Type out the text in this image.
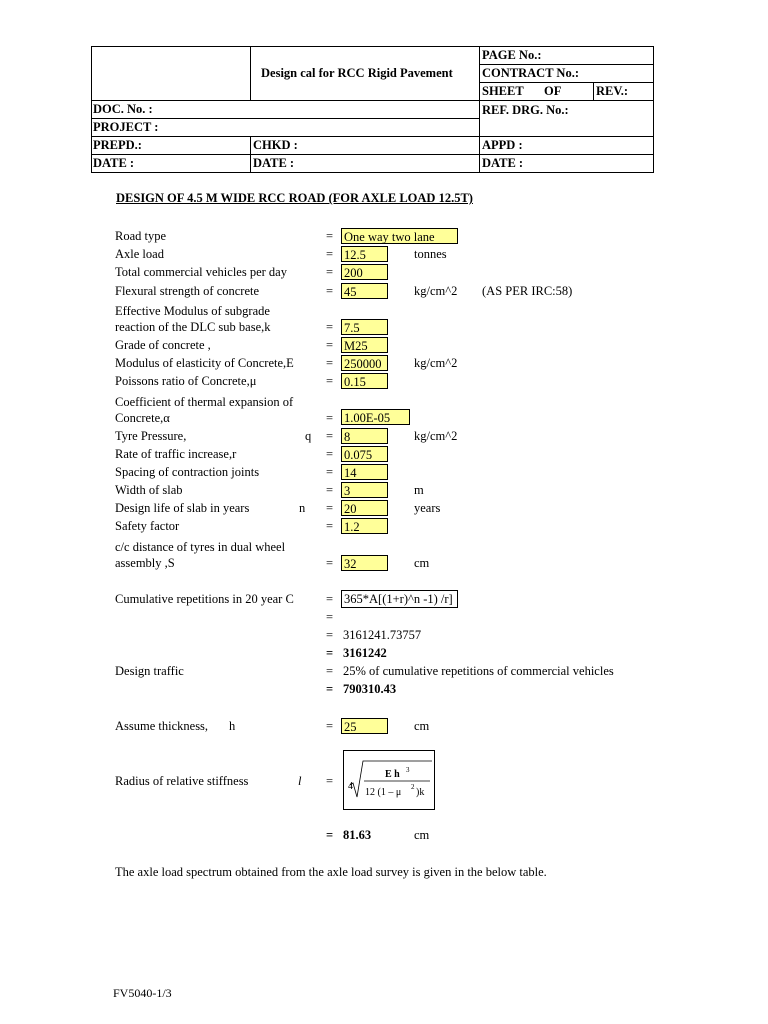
Design cal for RCC Rigid Pavement
PAGE No.:
CONTRACT No.:
SHEET OF	REV.:
DOC. No. :	REF. DRG. No.:
PROJECT :
PREPD.:	CHKD :	APPD :
DATE :	DATE :	DATE :
DESIGN OF 4.5 M WIDE RCC ROAD (FOR AXLE LOAD 12.5T)
Road type	= One way two lane
Axle load	= 12.5	tonnes
Total commercial vehicles per day	= 200
Flexural strength of concrete	= 45	kg/cm^2 (AS PER IRC:58)
Effective Modulus of subgrade
reaction of the DLC sub base,k	= 7.5
Grade of concrete ,	= M25
Modulus of elasticity of Concrete,E	= 250000	kg/cm^2
Poissons ratio of Concrete,μ	= 0.15
Coefficient of thermal expansion of
Concrete,α	= 1.00E-05
Tyre Pressure,	q = 8	kg/cm^2
Rate of traffic increase,r	= 0.075
Spacing of contraction joints	= 14
Width of slab	= 3	m
Design life of slab in years	n = 20	years
Safety factor	= 1.2
c/c distance of tyres in dual wheel
assembly ,S	= 32	cm
Cumulative repetitions in 20 year C	= 365*A[(1+r)^n -1) /r]
=
= 3161241.73757
= 3161242
Design traffic	= 25% of cumulative repetitions of commercial vehicles
= 790310.43
Assume thickness, h	= 25	cm
Radius of relative stiffness	l = 4
E h 3
12 (1 – μ 2 )k
= 81.63	cm
The axle load spectrum obtained from the axle load survey is given in the below table.
FV5040-1/3
